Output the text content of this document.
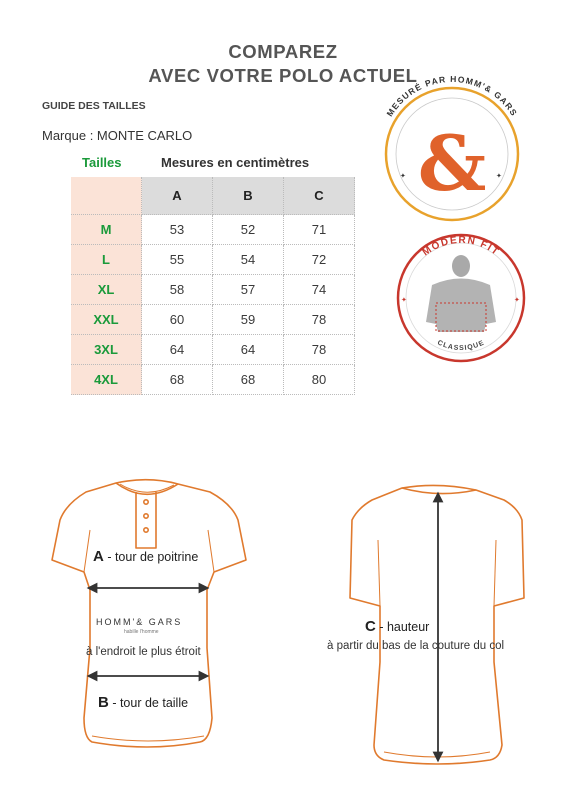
COMPAREZ
AVEC VOTRE POLO ACTUEL
GUIDE DES TAILLES
Marque : MONTE CARLO
Tailles	Mesures en centimètres
	A	B	C
M	53	52	71
L	55	54	72
XL	58	57	74
XXL	60	59	78
3XL	64	64	78
4XL	68	68	80
MESURÉ PAR HOMM'& GARS
&
✦	✦
MODERN FIT
CLASSIQUE
✦	✦
A - tour de poitrine
HOMM'& GARS
habille l'homme
à l'endroit le plus étroit
B - tour de taille
C - hauteur
à partir du bas de la couture du col
